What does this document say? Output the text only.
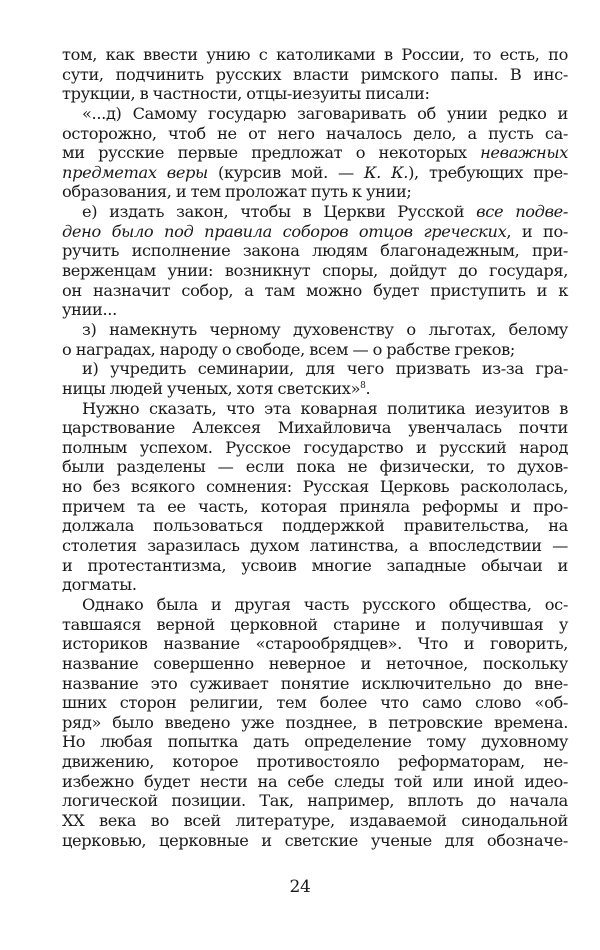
том, как ввести унию с католиками в России, то есть, по
сути, подчинить русских власти римского папы. В инс-
трукции, в частности, отцы-иезуиты писали:
«...д) Самому государю заговаривать об унии редко и
осторожно, чтоб не от него началось дело, а пусть са-
ми русские первые предложат о некоторых неважных
предметах веры (курсив мой. — К. К.), требующих пре-
образования, и тем проложат путь к унии;
е) издать закон, чтобы в Церкви Русской все подве-
дено было под правила соборов отцов греческих, и по-
ручить исполнение закона людям благонадежным, при-
верженцам унии: возникнут споры, дойдут до государя,
он назначит собор, а там можно будет приступить и к
унии...
з) намекнуть черному духовенству о льготах, белому
о наградах, народу о свободе, всем — о рабстве греков;
и) учредить семинарии, для чего призвать из-за гра-
ницы людей ученых, хотя светских»$^8$.
Нужно сказать, что эта коварная политика иезуитов в
царствование Алексея Михайловича увенчалась почти
полным успехом. Русское государство и русский народ
были разделены — если пока не физически, то духов-
но без всякого сомнения: Русская Церковь раскололась,
причем та ее часть, которая приняла реформы и про-
должала пользоваться поддержкой правительства, на
столетия заразилась духом латинства, а впоследствии —
и протестантизма, усвоив многие западные обычаи и
догматы.
Однако была и другая часть русского общества, ос-
тавшаяся верной церковной старине и получившая у
историков название «старообрядцев». Что и говорить,
название совершенно неверное и неточное, поскольку
название это суживает понятие исключительно до вне-
шних сторон религии, тем более что само слово «об-
ряд» было введено уже позднее, в петровские времена.
Но любая попытка дать определение тому духовному
движению, которое противостояло реформаторам, не-
избежно будет нести на себе следы той или иной идео-
логической позиции. Так, например, вплоть до начала
XX века во всей литературе, издаваемой синодальной
церковью, церковные и светские ученые для обозначе-
24
